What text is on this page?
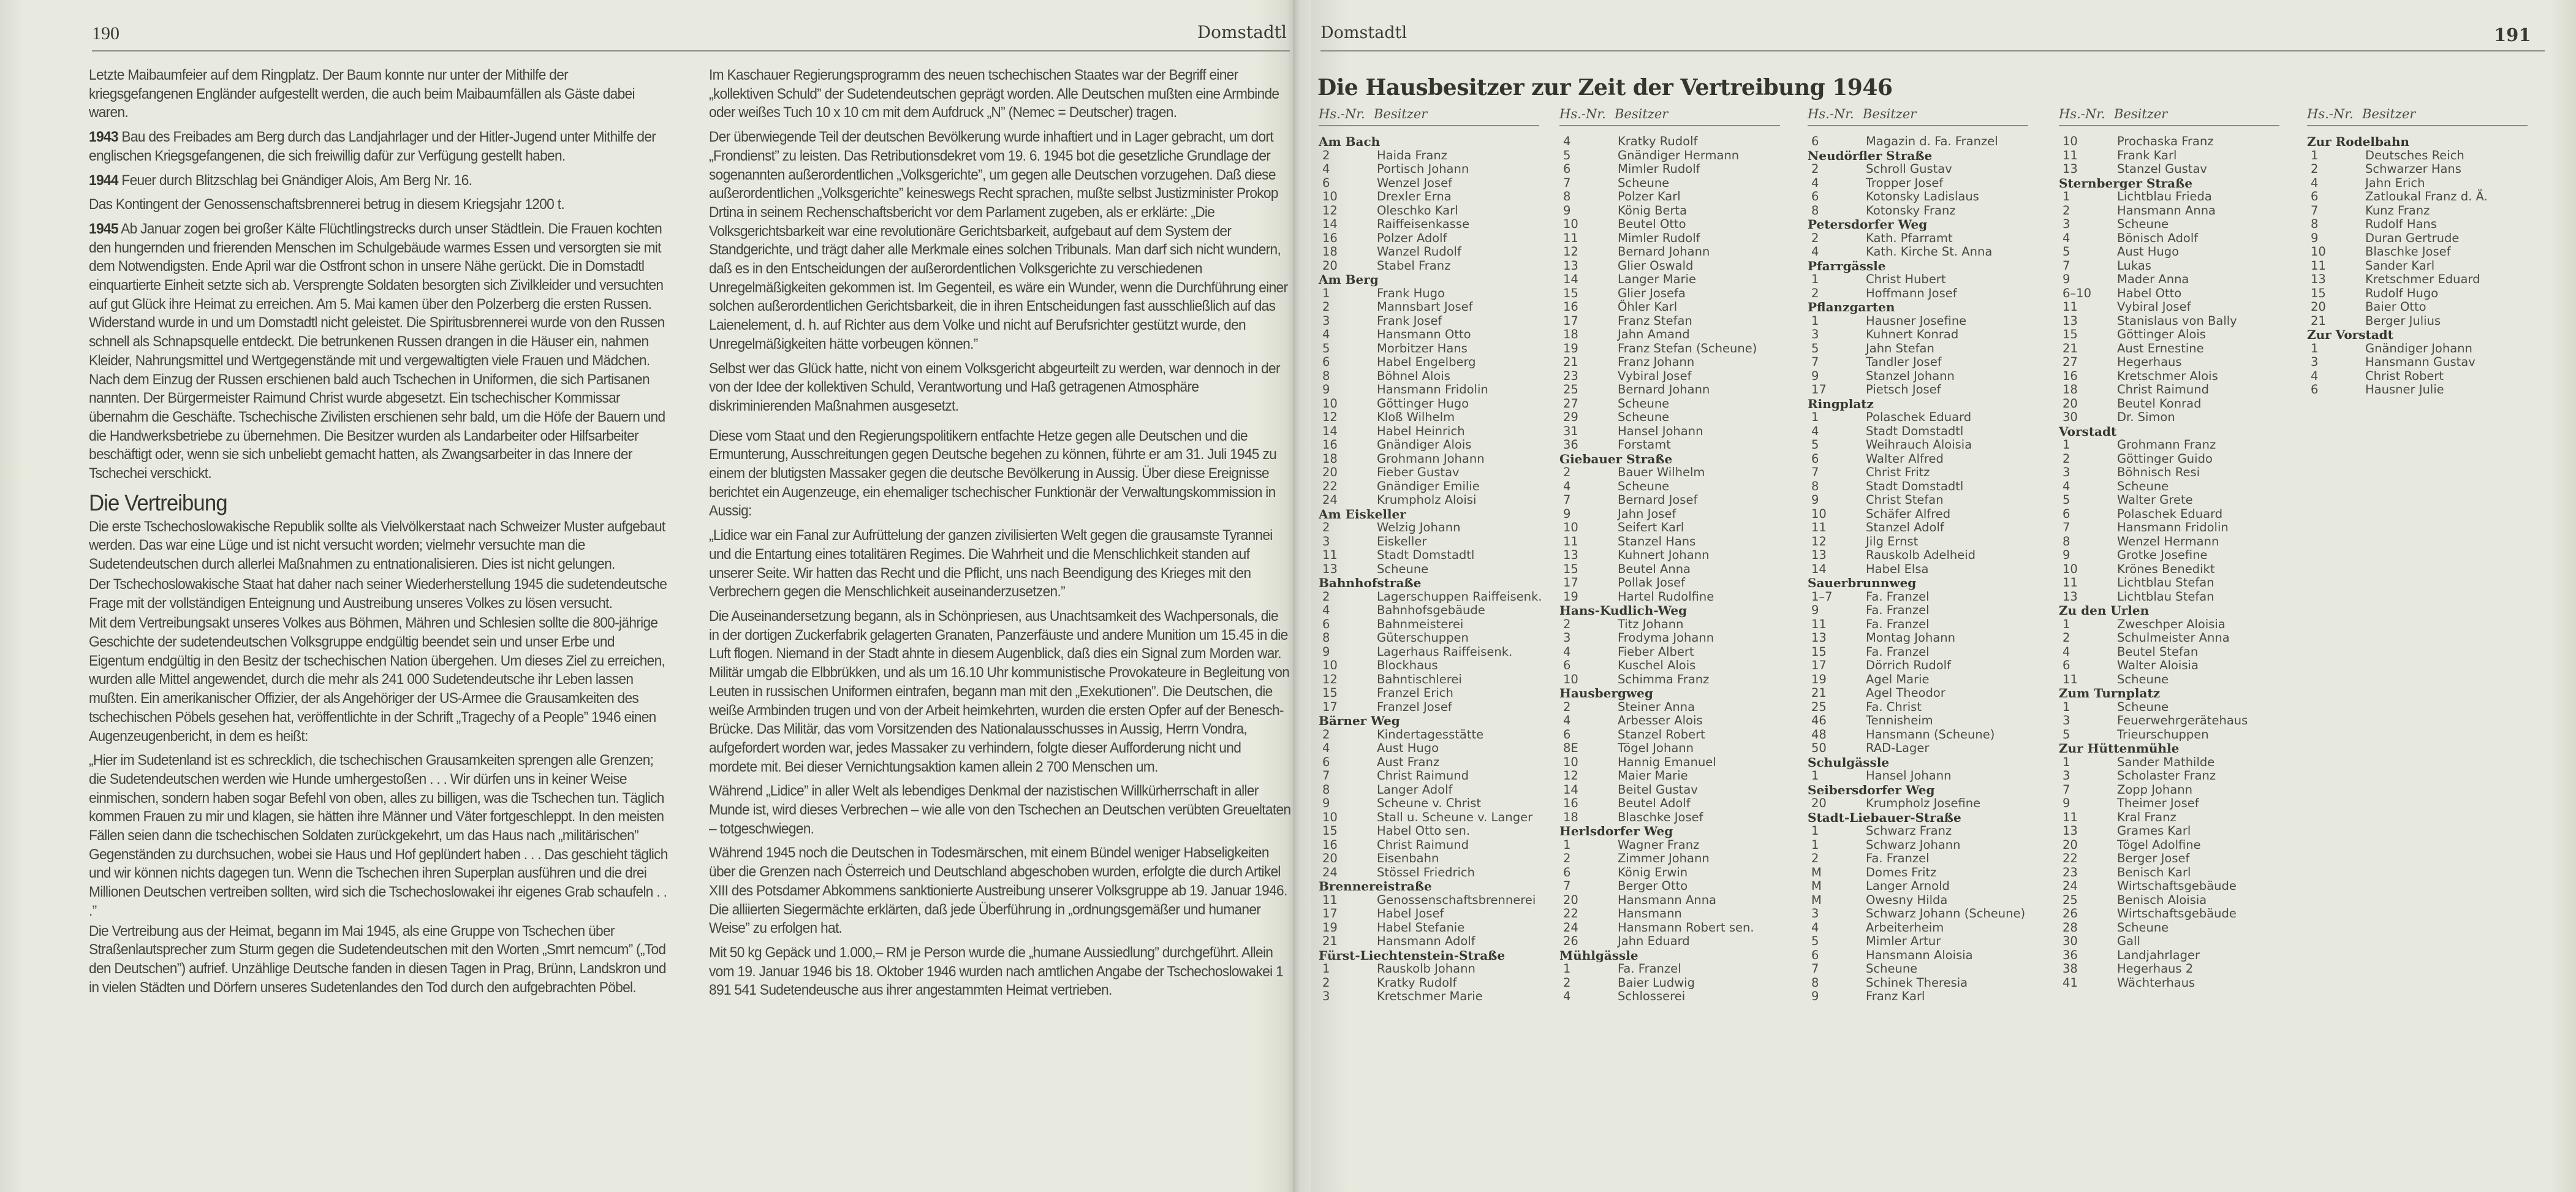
190	Domstadtl

Letzte Maibaumfeier auf dem Ringplatz. Der Baum konnte nur unter der Mithilfe der kriegsgefangenen Engländer aufgestellt werden, die auch beim Maibaumfällen als Gäste dabei waren.

1943 Bau des Freibades am Berg durch das Landjahrlager und der Hitler-Jugend unter Mithilfe der englischen Kriegsgefangenen, die sich freiwillig dafür zur Verfügung gestellt haben.

1944 Feuer durch Blitzschlag bei Gnändiger Alois, Am Berg Nr. 16.

Das Kontingent der Genossenschaftsbrennerei betrug in diesem Kriegsjahr 1200 t.

1945 Ab Januar zogen bei großer Kälte Flüchtlingstrecks durch unser Städtlein. Die Frauen kochten den hungernden und frierenden Menschen im Schulgebäude warmes Essen und versorgten sie mit dem Notwendigsten. Ende April war die Ostfront schon in unsere Nähe gerückt. Die in Domstadtl einquartierte Einheit setzte sich ab. Versprengte Soldaten besorgten sich Zivilkleider und versuchten auf gut Glück ihre Heimat zu erreichen. Am 5. Mai kamen über den Polzerberg die ersten Russen. Widerstand wurde in und um Domstadtl nicht geleistet. Die Spiritusbrennerei wurde von den Russen schnell als Schnapsquelle entdeckt. Die betrunkenen Russen drangen in die Häuser ein, nahmen Kleider, Nahrungsmittel und Wertgegenstände mit und vergewaltigten viele Frauen und Mädchen. Nach dem Einzug der Russen erschienen bald auch Tschechen in Uniformen, die sich Partisanen nannten. Der Bürgermeister Raimund Christ wurde abgesetzt. Ein tschechischer Kommissar übernahm die Geschäfte. Tschechische Zivilisten erschienen sehr bald, um die Höfe der Bauern und die Handwerksbetriebe zu übernehmen. Die Besitzer wurden als Landarbeiter oder Hilfsarbeiter beschäftigt oder, wenn sie sich unbeliebt gemacht hatten, als Zwangsarbeiter in das Innere der Tschechei verschickt.

Die Vertreibung

Die erste Tschechoslowakische Republik sollte als Vielvölkerstaat nach Schweizer Muster aufgebaut werden. Das war eine Lüge und ist nicht versucht worden; vielmehr versuchte man die Sudetendeutschen durch allerlei Maßnahmen zu entnationalisieren. Dies ist nicht gelungen.

Der Tschechoslowakische Staat hat daher nach seiner Wiederherstellung 1945 die sudetendeutsche Frage mit der vollständigen Enteignung und Austreibung unseres Volkes zu lösen versucht.

Mit dem Vertreibungsakt unseres Volkes aus Böhmen, Mähren und Schlesien sollte die 800-jährige Geschichte der sudetendeutschen Volksgruppe endgültig beendet sein und unser Erbe und Eigentum endgültig in den Besitz der tschechischen Nation übergehen. Um dieses Ziel zu erreichen, wurden alle Mittel angewendet, durch die mehr als 241 000 Sudetendeutsche ihr Leben lassen mußten. Ein amerikanischer Offizier, der als Angehöriger der US-Armee die Grausamkeiten des tschechischen Pöbels gesehen hat, veröffentlichte in der Schrift „Tragechy of a People” 1946 einen Augenzeugenbericht, in dem es heißt:

„Hier im Sudetenland ist es schrecklich, die tschechischen Grausamkeiten sprengen alle Grenzen; die Sudetendeutschen werden wie Hunde umhergestoßen . . . Wir dürfen uns in keiner Weise einmischen, sondern haben sogar Befehl von oben, alles zu billigen, was die Tschechen tun. Täglich kommen Frauen zu mir und klagen, sie hätten ihre Männer und Väter fortgeschleppt. In den meisten Fällen seien dann die tschechischen Soldaten zurückgekehrt, um das Haus nach „militärischen” Gegenständen zu durchsuchen, wobei sie Haus und Hof geplündert haben . . . Das geschieht täglich und wir können nichts dagegen tun. Wenn die Tschechen ihren Superplan ausführen und die drei Millionen Deutschen vertreiben sollten, wird sich die Tschechoslowakei ihr eigenes Grab schaufeln . . .”

Die Vertreibung aus der Heimat, begann im Mai 1945, als eine Gruppe von Tschechen über Straßenlautsprecher zum Sturm gegen die Sudetendeutschen mit den Worten „Smrt nemcum” („Tod den Deutschen”) aufrief. Unzählige Deutsche fanden in diesen Tagen in Prag, Brünn, Landskron und in vielen Städten und Dörfern unseres Sudetenlandes den Tod durch den aufgebrachten Pöbel.

Im Kaschauer Regierungsprogramm des neuen tschechischen Staates war der Begriff einer „kollektiven Schuld” der Sudetendeutschen geprägt worden. Alle Deutschen mußten eine Armbinde oder weißes Tuch 10 x 10 cm mit dem Aufdruck „N” (Nemec = Deutscher) tragen.

Der überwiegende Teil der deutschen Bevölkerung wurde inhaftiert und in Lager gebracht, um dort „Frondienst” zu leisten. Das Retributionsdekret vom 19. 6. 1945 bot die gesetzliche Grundlage der sogenannten außerordentlichen „Volksgerichte”, um gegen alle Deutschen vorzugehen. Daß diese außerordentlichen „Volksgerichte” keineswegs Recht sprachen, mußte selbst Justizminister Prokop Drtina in seinem Rechenschaftsbericht vor dem Parlament zugeben, als er erklärte: „Die Volksgerichtsbarkeit war eine revolutionäre Gerichtsbarkeit, aufgebaut auf dem System der Standgerichte, und trägt daher alle Merkmale eines solchen Tribunals. Man darf sich nicht wundern, daß es in den Entscheidungen der außerordentlichen Volksgerichte zu verschiedenen Unregelmäßigkeiten gekommen ist. Im Gegenteil, es wäre ein Wunder, wenn die Durchführung einer solchen außerordentlichen Gerichtsbarkeit, die in ihren Entscheidungen fast ausschließlich auf das Laienelement, d. h. auf Richter aus dem Volke und nicht auf Berufsrichter gestützt wurde, den Unregelmäßigkeiten hätte vorbeugen können.”

Selbst wer das Glück hatte, nicht von einem Volksgericht abgeurteilt zu werden, war dennoch in der von der Idee der kollektiven Schuld, Verantwortung und Haß getragenen Atmosphäre diskriminierenden Maßnahmen ausgesetzt.

Diese vom Staat und den Regierungspolitikern entfachte Hetze gegen alle Deutschen und die Ermunterung, Ausschreitungen gegen Deutsche begehen zu können, führte er am 31. Juli 1945 zu einem der blutigsten Massaker gegen die deutsche Bevölkerung in Aussig. Über diese Ereignisse berichtet ein Augenzeuge, ein ehemaliger tschechischer Funktionär der Verwaltungskommission in Aussig:

„Lidice war ein Fanal zur Aufrüttelung der ganzen zivilisierten Welt gegen die grausamste Tyrannei und die Entartung eines totalitären Regimes. Die Wahrheit und die Menschlichkeit standen auf unserer Seite. Wir hatten das Recht und die Pflicht, uns nach Beendigung des Krieges mit den Verbrechern gegen die Menschlichkeit auseinanderzusetzen.”

Die Auseinandersetzung begann, als in Schönpriesen, aus Unachtsamkeit des Wachpersonals, die in der dortigen Zuckerfabrik gelagerten Granaten, Panzerfäuste und andere Munition um 15.45 in die Luft flogen. Niemand in der Stadt ahnte in diesem Augenblick, daß dies ein Signal zum Morden war. Militär umgab die Elbbrükken, und als um 16.10 Uhr kommunistische Provokateure in Begleitung von Leuten in russischen Uniformen eintrafen, begann man mit den „Exekutionen”. Die Deutschen, die weiße Armbinden trugen und von der Arbeit heimkehrten, wurden die ersten Opfer auf der Benesch-Brücke. Das Militär, das vom Vorsitzenden des Nationalausschusses in Aussig, Herrn Vondra, aufgefordert worden war, jedes Massaker zu verhindern, folgte dieser Aufforderung nicht und mordete mit. Bei dieser Vernichtungsaktion kamen allein 2 700 Menschen um.

Während „Lidice” in aller Welt als lebendiges Denkmal der nazistischen Willkürherrschaft in aller Munde ist, wird dieses Verbrechen – wie alle von den Tschechen an Deutschen verübten Greueltaten – totgeschwiegen.

Während 1945 noch die Deutschen in Todesmärschen, mit einem Bündel weniger Habseligkeiten über die Grenzen nach Österreich und Deutschland abgeschoben wurden, erfolgte die durch Artikel XIII des Potsdamer Abkommens sanktionierte Austreibung unserer Volksgruppe ab 19. Januar 1946. Die alliierten Siegermächte erklärten, daß jede Überführung in „ordnungsgemäßer und humaner Weise” zu erfolgen hat.

Mit 50 kg Gepäck und 1.000,– RM je Person wurde die „humane Aussiedlung” durchgeführt. Allein vom 19. Januar 1946 bis 18. Oktober 1946 wurden nach amtlichen Angabe der Tschechoslowakei 1 891 541 Sudetendeusche aus ihrer angestammten Heimat vertrieben.

Domstadtl	191
Die Hausbesitzer zur Zeit der Vertreibung 1946
Hs.-Nr. Besitzer
Am Bach
2	Haida Franz
4	Portisch Johann
6	Wenzel Josef
10	Drexler Erna
12	Oleschko Karl
14	Raiffeisenkasse
16	Polzer Adolf
18	Wanzel Rudolf
20	Stabel Franz
Am Berg
1	Frank Hugo
2	Mannsbart Josef
3	Frank Josef
4	Hansmann Otto
5	Morbitzer Hans
6	Habel Engelberg
8	Böhnel Alois
9	Hansmann Fridolin
10	Göttinger Hugo
12	Kloß Wilhelm
14	Habel Heinrich
16	Gnändiger Alois
18	Grohmann Johann
20	Fieber Gustav
22	Gnändiger Emilie
24	Krumpholz Aloisi
Am Eiskeller
2	Welzig Johann
3	Eiskeller
11	Stadt Domstadtl
13	Scheune
Bahnhofstraße
2	Lagerschuppen Raiffeisenk.
4	Bahnhofsgebäude
6	Bahnmeisterei
8	Güterschuppen
9	Lagerhaus Raiffeisenk.
10	Blockhaus
12	Bahntischlerei
15	Franzel Erich
17	Franzel Josef
Bärner Weg
2	Kindertagesstätte
4	Aust Hugo
6	Aust Franz
7	Christ Raimund
8	Langer Adolf
9	Scheune v. Christ
10	Stall u. Scheune v. Langer
15	Habel Otto sen.
16	Christ Raimund
20	Eisenbahn
24	Stössel Friedrich
Brennereistraße
11	Genossenschaftsbrennerei
17	Habel Josef
19	Habel Stefanie
21	Hansmann Adolf
Fürst-Liechtenstein-Straße
1	Rauskolb Johann
2	Kratky Rudolf
3	Kretschmer Marie
Hs.-Nr. Besitzer
4	Kratky Rudolf
5	Gnändiger Hermann
6	Mimler Rudolf
7	Scheune
8	Polzer Karl
9	König Berta
10	Beutel Otto
11	Mimler Rudolf
12	Bernard Johann
13	Glier Oswald
14	Langer Marie
15	Glier Josefa
16	Öhler Karl
17	Franz Stefan
18	Jahn Amand
19	Franz Stefan (Scheune)
21	Franz Johann
23	Vybiral Josef
25	Bernard Johann
27	Scheune
29	Scheune
31	Hansel Johann
36	Forstamt
Giebauer Straße
2	Bauer Wilhelm
4	Scheune
7	Bernard Josef
9	Jahn Josef
10	Seifert Karl
11	Stanzel Hans
13	Kuhnert Johann
15	Beutel Anna
17	Pollak Josef
19	Hartel Rudolfine
Hans-Kudlich-Weg
2	Titz Johann
3	Frodyma Johann
4	Fieber Albert
6	Kuschel Alois
10	Schimma Franz
Hausbergweg
2	Steiner Anna
4	Arbesser Alois
6	Stanzel Robert
8E	Tögel Johann
10	Hannig Emanuel
12	Maier Marie
14	Beitel Gustav
16	Beutel Adolf
18	Blaschke Josef
Herlsdorfer Weg
1	Wagner Franz
2	Zimmer Johann
6	König Erwin
7	Berger Otto
20	Hansmann Anna
22	Hansmann
24	Hansmann Robert sen.
26	Jahn Eduard
Mühlgässle
1	Fa. Franzel
2	Baier Ludwig
4	Schlosserei
Hs.-Nr. Besitzer
6	Magazin d. Fa. Franzel
Neudörfler Straße
2	Schroll Gustav
4	Tropper Josef
6	Kotonsky Ladislaus
8	Kotonsky Franz
Petersdorfer Weg
2	Kath. Pfarramt
4	Kath. Kirche St. Anna
Pfarrgässle
1	Christ Hubert
2	Hoffmann Josef
Pflanzgarten
1	Hausner Josefine
3	Kuhnert Konrad
5	Jahn Stefan
7	Tandler Josef
9	Stanzel Johann
17	Pietsch Josef
Ringplatz
1	Polaschek Eduard
4	Stadt Domstadtl
5	Weihrauch Aloisia
6	Walter Alfred
7	Christ Fritz
8	Stadt Domstadtl
9	Christ Stefan
10	Schäfer Alfred
11	Stanzel Adolf
12	Jilg Ernst
13	Rauskolb Adelheid
14	Habel Elsa
Sauerbrunnweg
1–7	Fa. Franzel
9	Fa. Franzel
11	Fa. Franzel
13	Montag Johann
15	Fa. Franzel
17	Dörrich Rudolf
19	Agel Marie
21	Agel Theodor
25	Fa. Christ
46	Tennisheim
48	Hansmann (Scheune)
50	RAD-Lager
Schulgässle
1	Hansel Johann
Seibersdorfer Weg
20	Krumpholz Josefine
Stadt-Liebauer-Straße
1	Schwarz Franz
1	Schwarz Johann
2	Fa. Franzel
M	Domes Fritz
M	Langer Arnold
M	Owesny Hilda
3	Schwarz Johann (Scheune)
4	Arbeiterheim
5	Mimler Artur
6	Hansmann Aloisia
7	Scheune
8	Schinek Theresia
9	Franz Karl
Hs.-Nr. Besitzer
10	Prochaska Franz
11	Frank Karl
13	Stanzel Gustav
Sternberger Straße
1	Lichtblau Frieda
2	Hansmann Anna
3	Scheune
4	Bönisch Adolf
5	Aust Hugo
7	Lukas
9	Mader Anna
6–10	Habel Otto
11	Vybiral Josef
13	Stanislaus von Bally
15	Göttinger Alois
21	Aust Ernestine
27	Hegerhaus
16	Kretschmer Alois
18	Christ Raimund
20	Beutel Konrad
30	Dr. Simon
Vorstadt
1	Grohmann Franz
2	Göttinger Guido
3	Böhnisch Resi
4	Scheune
5	Walter Grete
6	Polaschek Eduard
7	Hansmann Fridolin
8	Wenzel Hermann
9	Grotke Josefine
10	Krönes Benedikt
11	Lichtblau Stefan
13	Lichtblau Stefan
Zu den Urlen
1	Zweschper Aloisia
2	Schulmeister Anna
4	Beutel Stefan
6	Walter Aloisia
11	Scheune
Zum Turnplatz
1	Scheune
3	Feuerwehrgerätehaus
5	Trieurschuppen
Zur Hüttenmühle
1	Sander Mathilde
3	Scholaster Franz
7	Zopp Johann
9	Theimer Josef
11	Kral Franz
13	Grames Karl
20	Tögel Adolfine
22	Berger Josef
23	Benisch Karl
24	Wirtschaftsgebäude
25	Benisch Aloisia
26	Wirtschaftsgebäude
28	Scheune
30	Gall
36	Landjahrlager
38	Hegerhaus 2
41	Wächterhaus
Hs.-Nr. Besitzer
Zur Rodelbahn
1	Deutsches Reich
2	Schwarzer Hans
4	Jahn Erich
6	Zatloukal Franz d. Ä.
7	Kunz Franz
8	Rudolf Hans
9	Duran Gertrude
10	Blaschke Josef
11	Sander Karl
13	Kretschmer Eduard
15	Rudolf Hugo
20	Baier Otto
21	Berger Julius
Zur Vorstadt
1	Gnändiger Johann
3	Hansmann Gustav
4	Christ Robert
6	Hausner Julie
